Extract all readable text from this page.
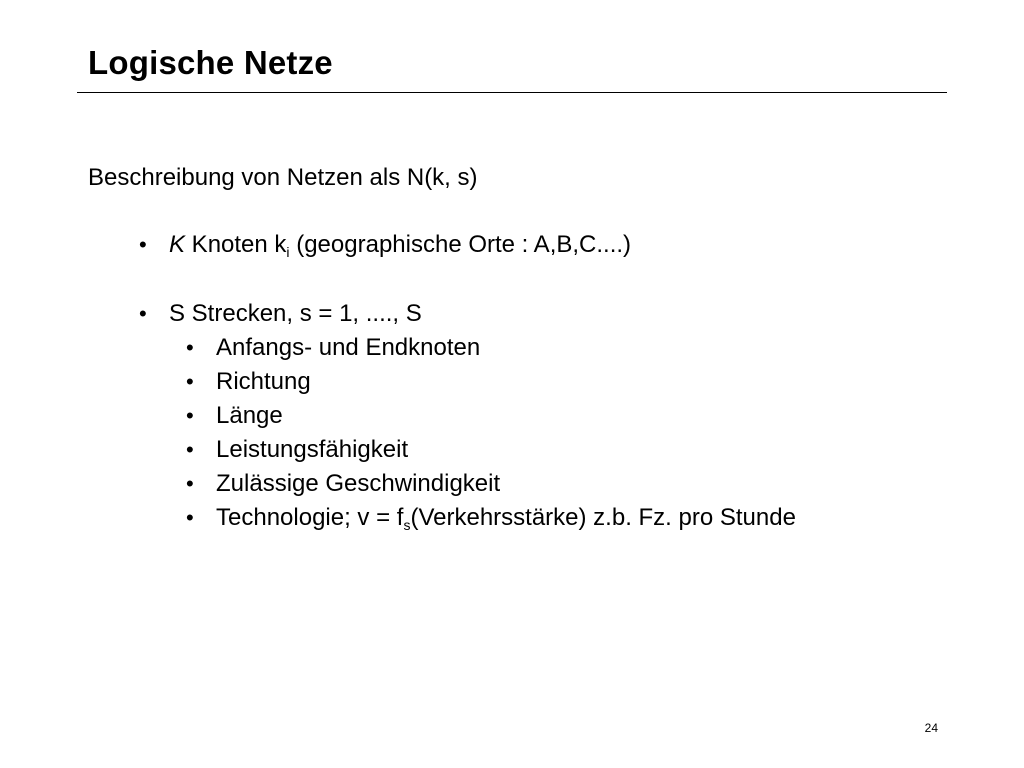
Logische Netze
Beschreibung von Netzen als N(k, s)
• K Knoten $k_i$ (geographische Orte : A,B,C....)
• S Strecken, s = 1, ...., S
• Anfangs- und Endknoten
• Richtung
• Länge
• Leistungsfähigkeit
• Zulässige Geschwindigkeit
• Technologie; $v = f_s(Verkehrsstärke)$ z.b. Fz. pro Stunde
24
